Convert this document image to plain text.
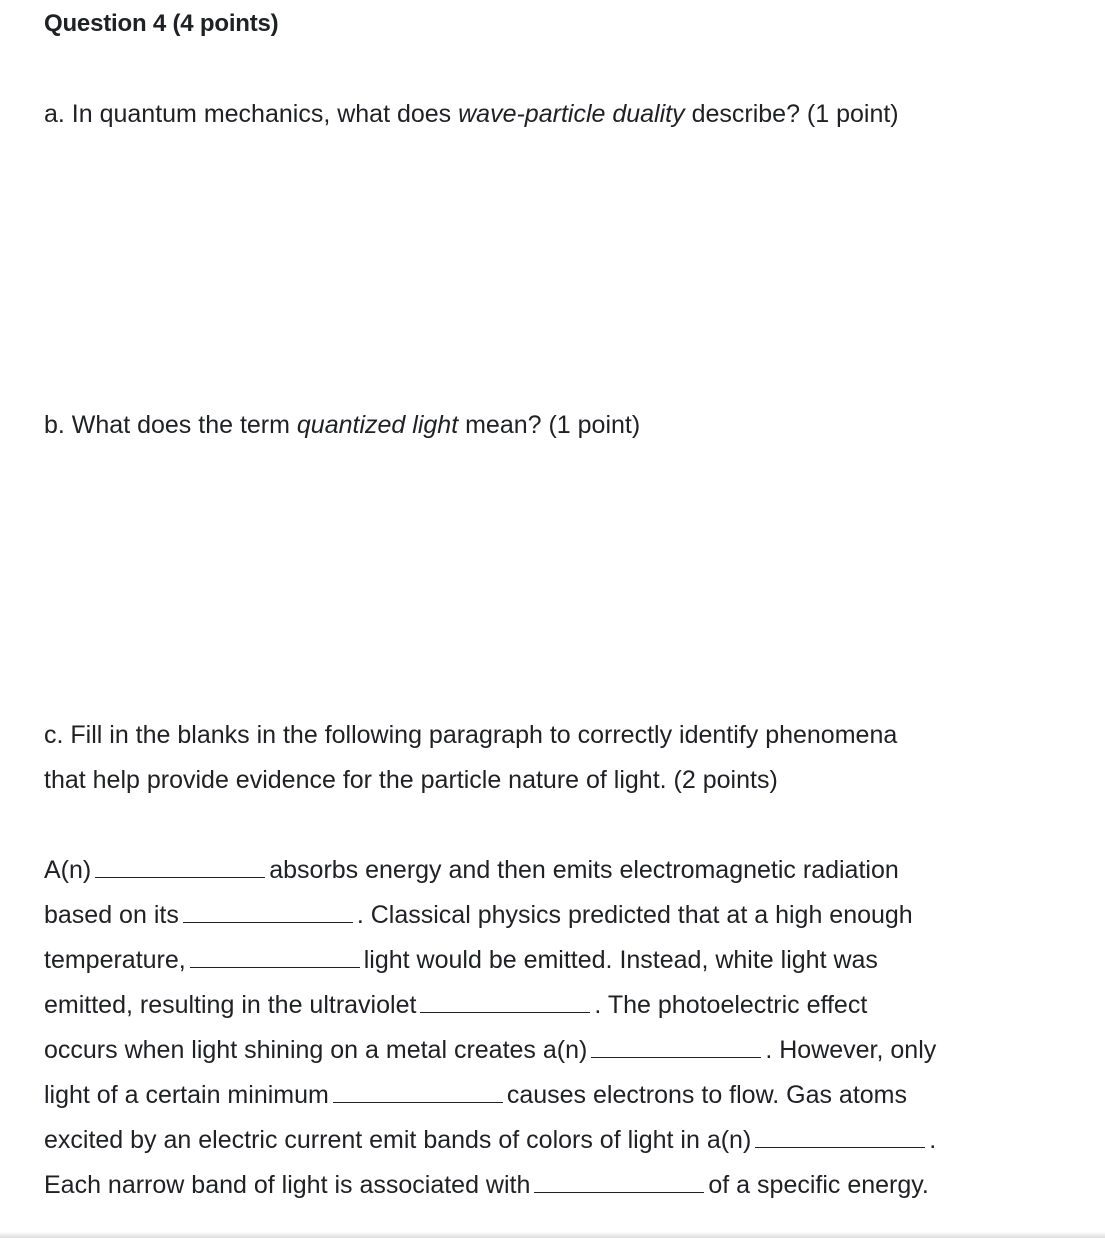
Question 4 (4 points)
a. In quantum mechanics, what does wave-particle duality describe? (1 point)
b. What does the term quantized light mean? (1 point)
c. Fill in the blanks in the following paragraph to correctly identify phenomena
that help provide evidence for the particle nature of light. (2 points)
A(n)	absorbs energy and then emits electromagnetic radiation
based on its	. Classical physics predicted that at a high enough
temperature,	light would be emitted. Instead, white light was
emitted, resulting in the ultraviolet	. The photoelectric effect
occurs when light shining on a metal creates a(n)	. However, only
light of a certain minimum	causes electrons to flow. Gas atoms
excited by an electric current emit bands of colors of light in a(n)	.
Each narrow band of light is associated with	of a specific energy.
